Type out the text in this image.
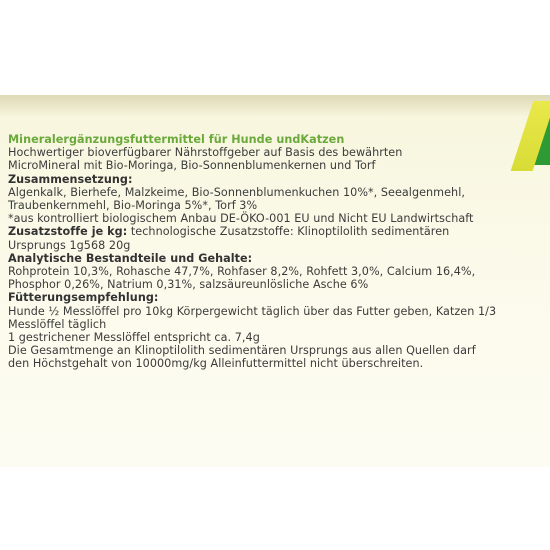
Mineralergänzungsfuttermittel für Hunde undKatzen
Hochwertiger bioverfügbarer Nährstoffgeber auf Basis des bewährten
MicroMineral mit Bio-Moringa, Bio-Sonnenblumenkernen und Torf
Zusammensetzung:
Algenkalk, Bierhefe, Malzkeime, Bio-Sonnenblumenkuchen 10%*, Seealgenmehl,
Traubenkernmehl, Bio-Moringa 5%*, Torf 3%
*aus kontrolliert biologischem Anbau DE-ÖKO-001 EU und Nicht EU Landwirtschaft
Zusatzstoffe je kg: technologische Zusatzstoffe: Klinoptilolith sedimentären
Ursprungs 1g568 20g
Analytische Bestandteile und Gehalte:
Rohprotein 10,3%, Rohasche 47,7%, Rohfaser 8,2%, Rohfett 3,0%, Calcium 16,4%,
Phosphor 0,26%, Natrium 0,31%, salzsäureunlösliche Asche 6%
Fütterungsempfehlung:
Hunde ½ Messlöffel pro 10kg Körpergewicht täglich über das Futter geben, Katzen 1/3
Messlöffel täglich
1 gestrichener Messlöffel entspricht ca. 7,4g
Die Gesamtmenge an Klinoptilolith sedimentären Ursprungs aus allen Quellen darf
den Höchstgehalt von 10000mg/kg Alleinfuttermittel nicht überschreiten.
